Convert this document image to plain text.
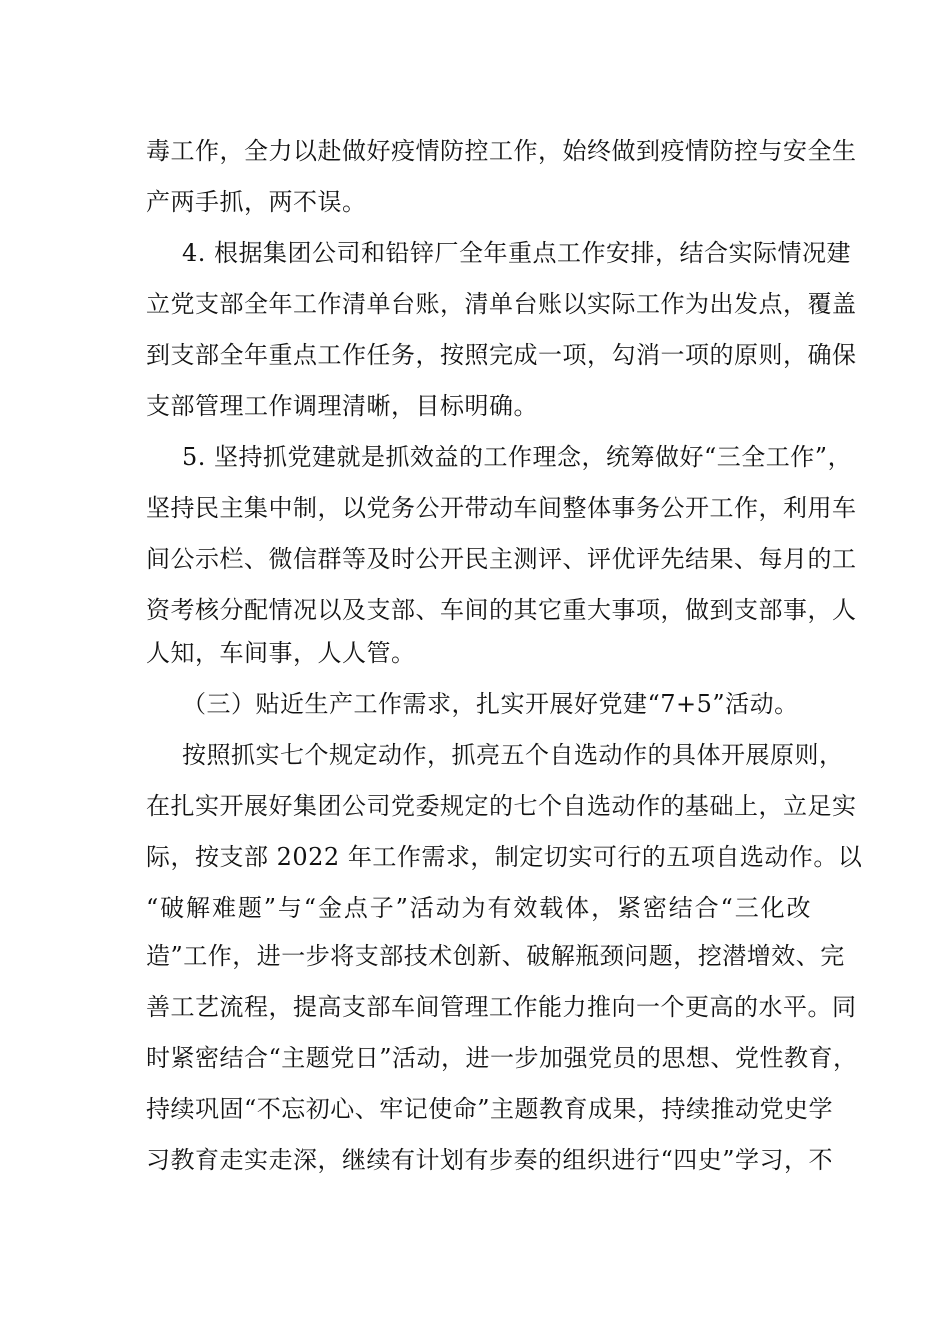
毒工作，全力以赴做好疫情防控工作，始终做到疫情防控与安全生
产两手抓，两不误。
4. 根据集团公司和铅锌厂全年重点工作安排，结合实际情况建
立党支部全年工作清单台账，清单台账以实际工作为出发点，覆盖
到支部全年重点工作任务，按照完成一项，勾消一项的原则，确保
支部管理工作调理清晰，目标明确。
5. 坚持抓党建就是抓效益的工作理念，统筹做好“三全工作”，
坚持民主集中制，以党务公开带动车间整体事务公开工作，利用车
间公示栏、微信群等及时公开民主测评、评优评先结果、每月的工
资考核分配情况以及支部、车间的其它重大事项，做到支部事，人
人知，车间事，人人管。
（三）贴近生产工作需求，扎实开展好党建“7+5”活动。
按照抓实七个规定动作，抓亮五个自选动作的具体开展原则，
在扎实开展好集团公司党委规定的七个自选动作的基础上，立足实
际，按支部 2022 年工作需求，制定切实可行的五项自选动作。以
“破解难题”与“金点子”活动为有效载体，紧密结合“三化改
造”工作，进一步将支部技术创新、破解瓶颈问题，挖潜增效、完
善工艺流程，提高支部车间管理工作能力推向一个更高的水平。同
时紧密结合“主题党日”活动，进一步加强党员的思想、党性教育，
持续巩固“不忘初心、牢记使命”主题教育成果，持续推动党史学
习教育走实走深，继续有计划有步奏的组织进行“四史”学习，不
